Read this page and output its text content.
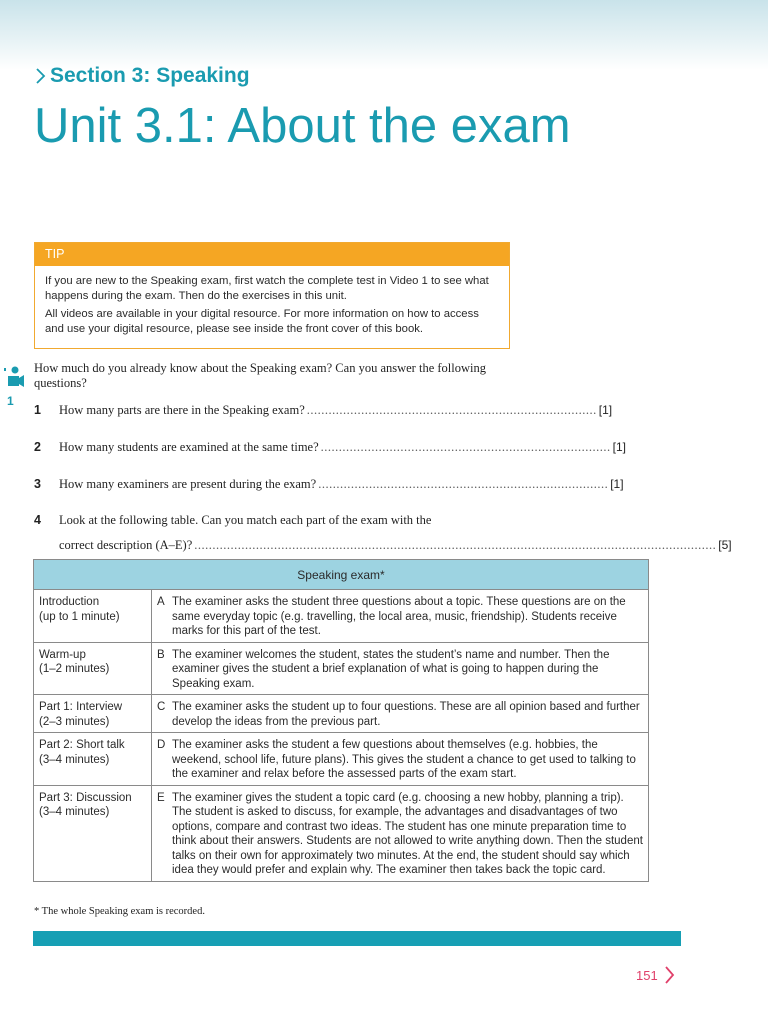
Section 3: Speaking
Unit 3.1: About the exam
TIP

If you are new to the Speaking exam, first watch the complete test in Video 1 to see what happens during the exam. Then do the exercises in this unit.

All videos are available in your digital resource. For more information on how to access and use your digital resource, please see inside the front cover of this book.

1
How much do you already know about the Speaking exam? Can you answer the following questions?
1 How many parts are there in the Speaking exam? ................................................................................ [1]
2 How many students are examined at the same time? ................................................................................ [1]
3 How many examiners are present during the exam? ................................................................................ [1]
4 Look at the following table. Can you match each part of the exam with the
correct description (A–E)? ................................................................................................................................................ [5]
Speaking exam*		
Introduction
(up to 1 minute)	A	The examiner asks the student three questions about a topic. These questions are on the same everyday topic (e.g. travelling, the local area, music, friendship). Students receive marks for this part of the test.
Warm-up
(1–2 minutes)	B	The examiner welcomes the student, states the student’s name and number. Then the examiner gives the student a brief explanation of what is going to happen during the Speaking exam.
Part 1: Interview
(2–3 minutes)	C	The examiner asks the student up to four questions. These are all opinion based and further develop the ideas from the previous part.
Part 2: Short talk
(3–4 minutes)	D	The examiner asks the student a few questions about themselves (e.g. hobbies, the weekend, school life, future plans). This gives the student a chance to get used to talking to the examiner and relax before the assessed parts of the exam start.
Part 3: Discussion
(3–4 minutes)	E	The examiner gives the student a topic card (e.g. choosing a new hobby, planning a trip). The student is asked to discuss, for example, the advantages and disadvantages of two options, compare and contrast two ideas. The student has one minute preparation time to think about their answers. Students are not allowed to write anything down. Then the student talks on their own for approximately two minutes. At the end, the student should say which idea they would prefer and explain why. The examiner then takes back the topic card.
* The whole Speaking exam is recorded.
151
